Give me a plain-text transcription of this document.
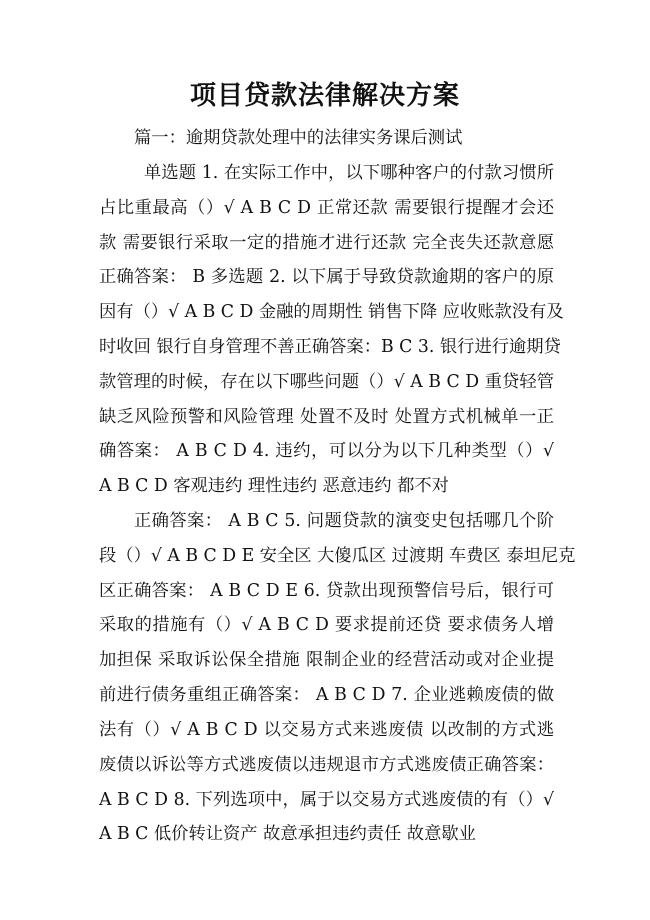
项目贷款法律解决方案
篇一：逾期贷款处理中的法律实务课后测试
单选题 1. 在实际工作中，以下哪种客户的付款习惯所
占比重最高（）√ A B C D 正常还款 需要银行提醒才会还
款 需要银行采取一定的措施才进行还款 完全丧失还款意愿
正确答案： B 多选题 2. 以下属于导致贷款逾期的客户的原
因有（）√ A B C D 金融的周期性 销售下降 应收账款没有及
时收回 银行自身管理不善正确答案：B C 3. 银行进行逾期贷
款管理的时候，存在以下哪些问题（）√ A B C D 重贷轻管
缺乏风险预警和风险管理 处置不及时 处置方式机械单一正
确答案： A B C D 4. 违约，可以分为以下几种类型（）√
A B C D 客观违约 理性违约 恶意违约 都不对
正确答案： A B C 5. 问题贷款的演变史包括哪几个阶
段（）√ A B C D E 安全区 大傻瓜区 过渡期 车费区 泰坦尼克
区正确答案： A B C D E 6. 贷款出现预警信号后，银行可
采取的措施有（）√ A B C D 要求提前还贷 要求债务人增
加担保 采取诉讼保全措施 限制企业的经营活动或对企业提
前进行债务重组正确答案： A B C D 7. 企业逃赖废债的做
法有（）√ A B C D 以交易方式来逃废债 以改制的方式逃
废债以诉讼等方式逃废债以违规退市方式逃废债正确答案：
A B C D 8. 下列选项中，属于以交易方式逃废债的有（）√
A B C 低价转让资产 故意承担违约责任 故意歇业
